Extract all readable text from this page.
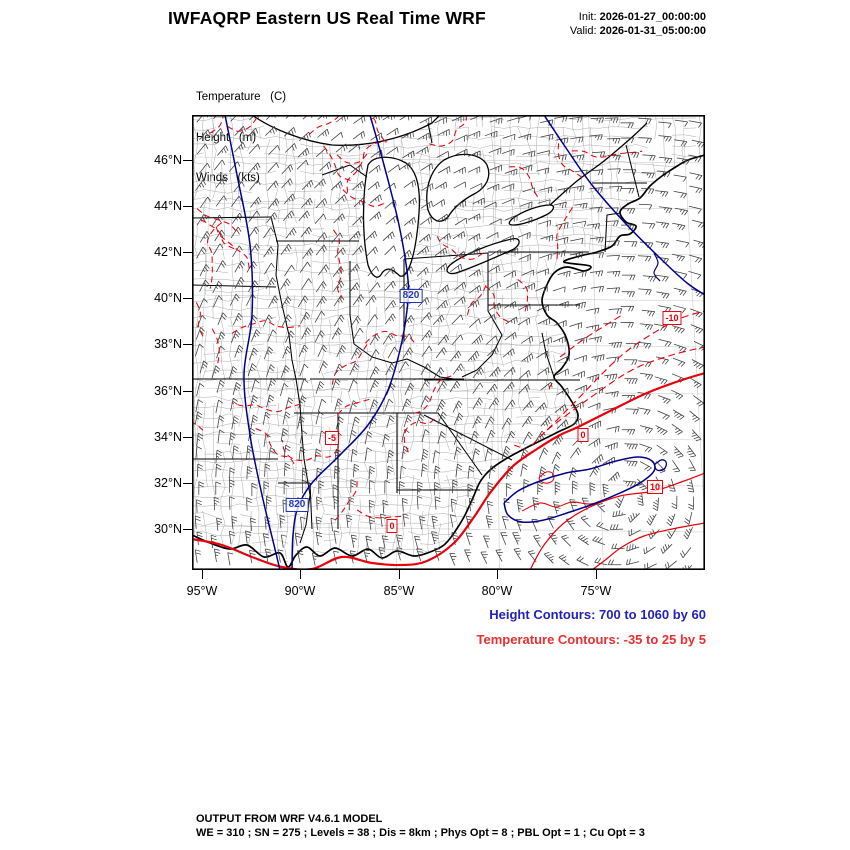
IWFAQRP Eastern US Real Time WRF	Init: 2026-01-27_00:00:00
Valid: 2026-01-31_05:00:00

Temperature   (C)

Height   (m)

Winds   (kts)

820
820
-10
-5
0
0
10
46°N
44°N
42°N
40°N
38°N
36°N
34°N
32°N
30°N
95°W	90°W	85°W	80°W	75°W
Height Contours: 700 to 1060 by 60
Temperature Contours: -35 to 25 by 5
OUTPUT FROM WRF V4.6.1 MODEL
WE = 310 ; SN = 275 ; Levels = 38 ; Dis = 8km ; Phys Opt = 8 ; PBL Opt = 1 ; Cu Opt = 3
